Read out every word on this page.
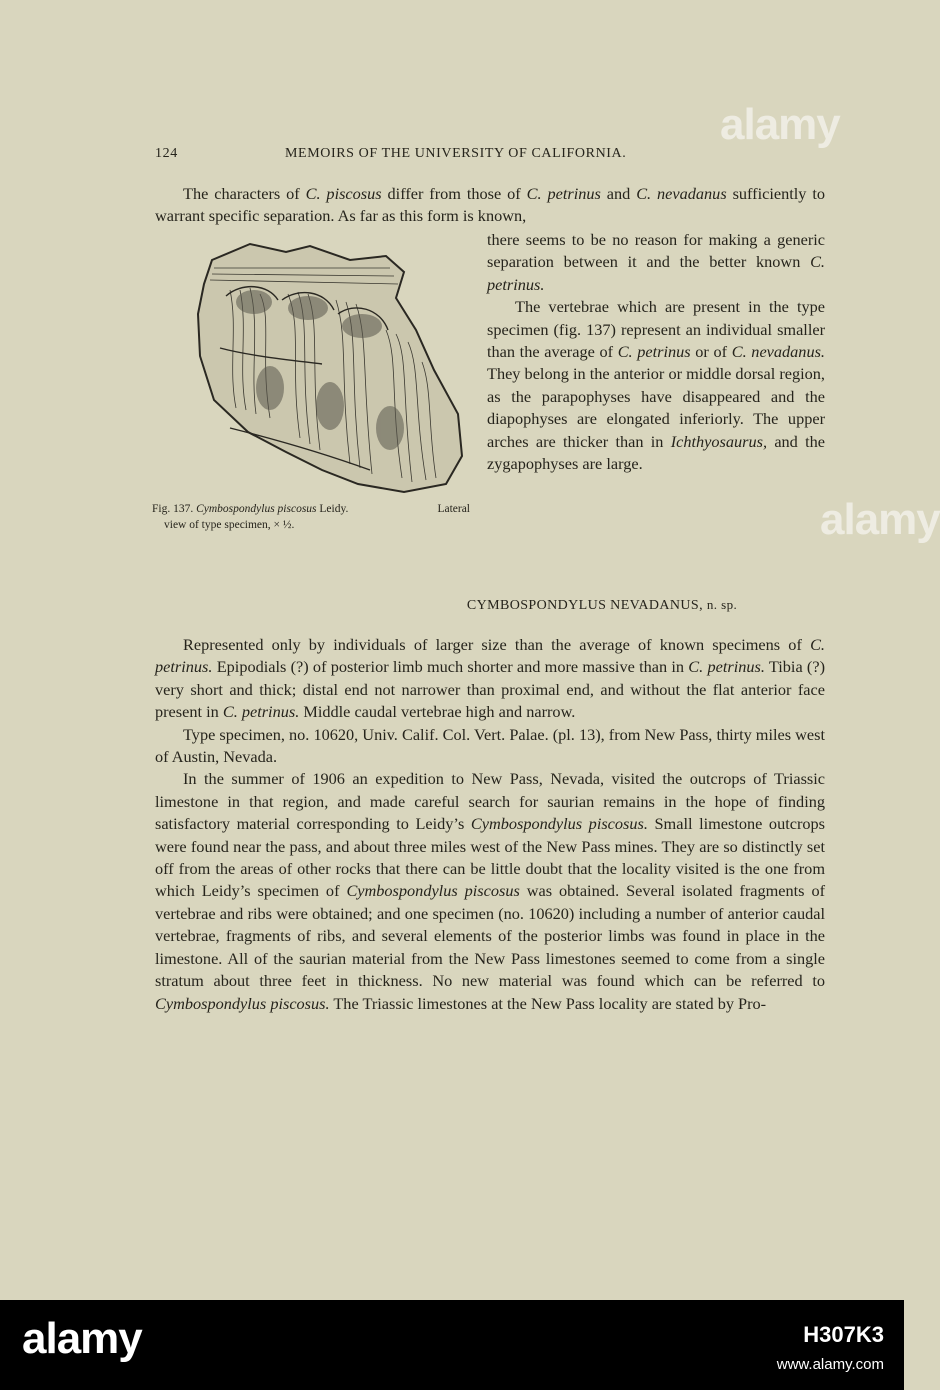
alamy
alamy
124	MEMOIRS OF THE UNIVERSITY OF CALIFORNIA.

The characters of C. piscosus differ from those of C. petrinus and C. nevadanus sufficiently to warrant specific separation. As far as this form is known,

there seems to be no reason for making a generic separation between it and the better known C. petrinus.

The vertebrae which are present in the type specimen (fig. 137) represent an individual smaller than the average of C. petrinus or of C. nevadanus. They belong in the anterior or middle dorsal region, as the parapophyses have disappeared and the diapophyses are elongated inferiorly. The upper arches are thicker than in Ichthyosaurus, and the zygapophyses are large.

Fig. 137. Cymbospondylus piscosus Leidy.	Lateral
view of type specimen, × ½.
CYMBOSPONDYLUS NEVADANUS, n. sp.

Represented only by individuals of larger size than the average of known specimens of C. petrinus. Epipodials (?) of posterior limb much shorter and more massive than in C. petrinus. Tibia (?) very short and thick; distal end not narrower than proximal end, and without the flat anterior face present in C. petrinus. Middle caudal vertebrae high and narrow.

Type specimen, no. 10620, Univ. Calif. Col. Vert. Palae. (pl. 13), from New Pass, thirty miles west of Austin, Nevada.

In the summer of 1906 an expedition to New Pass, Nevada, visited the outcrops of Triassic limestone in that region, and made careful search for saurian remains in the hope of finding satisfactory material corresponding to Leidy’s Cymbospondylus piscosus. Small limestone outcrops were found near the pass, and about three miles west of the New Pass mines. They are so distinctly set off from the areas of other rocks that there can be little doubt that the locality visited is the one from which Leidy’s specimen of Cymbospondylus piscosus was obtained. Several isolated fragments of vertebrae and ribs were obtained; and one specimen (no. 10620) including a number of anterior caudal vertebrae, fragments of ribs, and several elements of the posterior limbs was found in place in the limestone. All of the saurian material from the New Pass limestones seemed to come from a single stratum about three feet in thickness. No new material was found which can be referred to Cymbospondylus piscosus. The Triassic limestones at the New Pass locality are stated by Pro-

alamy	H307K3
www.alamy.com
